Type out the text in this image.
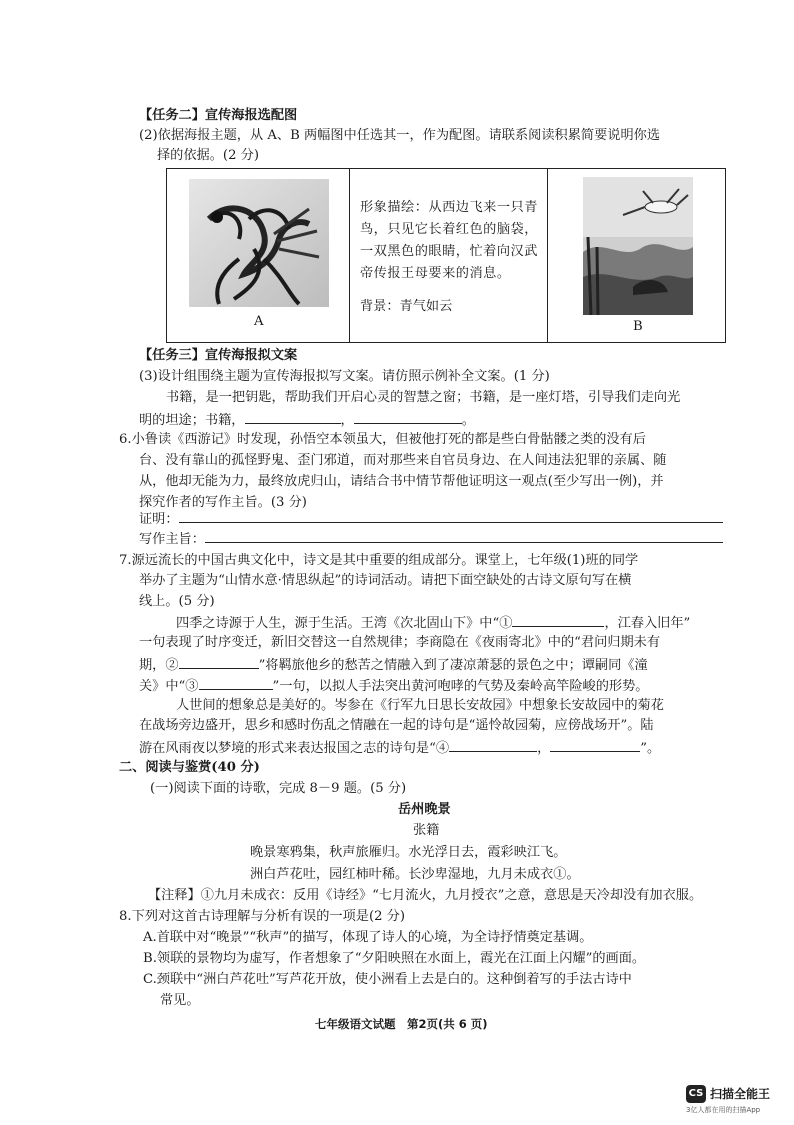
【任务二】宣传海报选配图
(2)依据海报主题，从 A、B 两幅图中任选其一，作为配图。请联系阅读积累简要说明你选
择的依据。(2 分)
A

形象描绘：从西边飞来一只青鸟，只见它长着红色的脑袋，一双黑色的眼睛，忙着向汉武帝传报王母要来的消息。
背景：青气如云

B
【任务三】宣传海报拟文案
(3)设计组围绕主题为宣传海报拟写文案。请仿照示例补全文案。(1 分)
书籍，是一把钥匙，帮助我们开启心灵的智慧之窗；书籍，是一座灯塔，引导我们走向光
明的坦途；书籍，	，	。
6.小鲁读《西游记》时发现，孙悟空本领虽大，但被他打死的都是些白骨骷髅之类的没有后
台、没有靠山的孤怪野鬼、歪门邪道，而对那些来自官员身边、在人间违法犯罪的亲属、随
从，他却无能为力，最终放虎归山，请结合书中情节帮他证明这一观点(至少写出一例)，并
探究作者的写作主旨。(3 分)
证明：
写作主旨：
7.源远流长的中国古典文化中，诗文是其中重要的组成部分。课堂上，七年级(1)班的同学
举办了主题为“山情水意·情思纵起”的诗词活动。请把下面空缺处的古诗文原句写在横
线上。(5 分)
四季之诗源于人生，源于生活。王湾《次北固山下》中“①	，江春入旧年”
一句表现了时序变迁，新旧交替这一自然规律；李商隐在《夜雨寄北》中的“君问归期未有
期，②	”将羁旅他乡的愁苦之情融入到了凄凉萧瑟的景色之中；谭嗣同《潼
关》中“③	”一句，以拟人手法突出黄河咆哮的气势及秦岭高竿险峻的形势。
人世间的想象总是美好的。岑参在《行军九日思长安故园》中想象长安故园中的菊花
在战场旁边盛开，思乡和感时伤乱之情融在一起的诗句是“遥怜故园菊，应傍战场开”。陆
游在风雨夜以梦境的形式来表达报国之志的诗句是“④	，	”。
二、阅读与鉴赏(40 分)
(一)阅读下面的诗歌，完成 8－9 题。(5 分)
岳州晚景
张籍
晚景寒鸦集，秋声旅雁归。水光浮日去，霞彩映江飞。
洲白芦花吐，园红柿叶稀。长沙卑湿地，九月未成衣①。
【注释】①九月未成衣：反用《诗经》“七月流火，九月授衣”之意，意思是天冷却没有加衣服。
8.下列对这首古诗理解与分析有误的一项是(2 分)
A.首联中对“晚景”“秋声”的描写，体现了诗人的心境，为全诗抒情奠定基调。
B.领联的景物均为虚写，作者想象了“夕阳映照在水面上，霞光在江面上闪耀”的画面。
C.颈联中“洲白芦花吐”写芦花开放，使小洲看上去是白的。这种倒着写的手法古诗中
常见。
七年级语文试题　第2页(共 6 页)
CS 扫描全能王
3亿人都在用的扫描App
